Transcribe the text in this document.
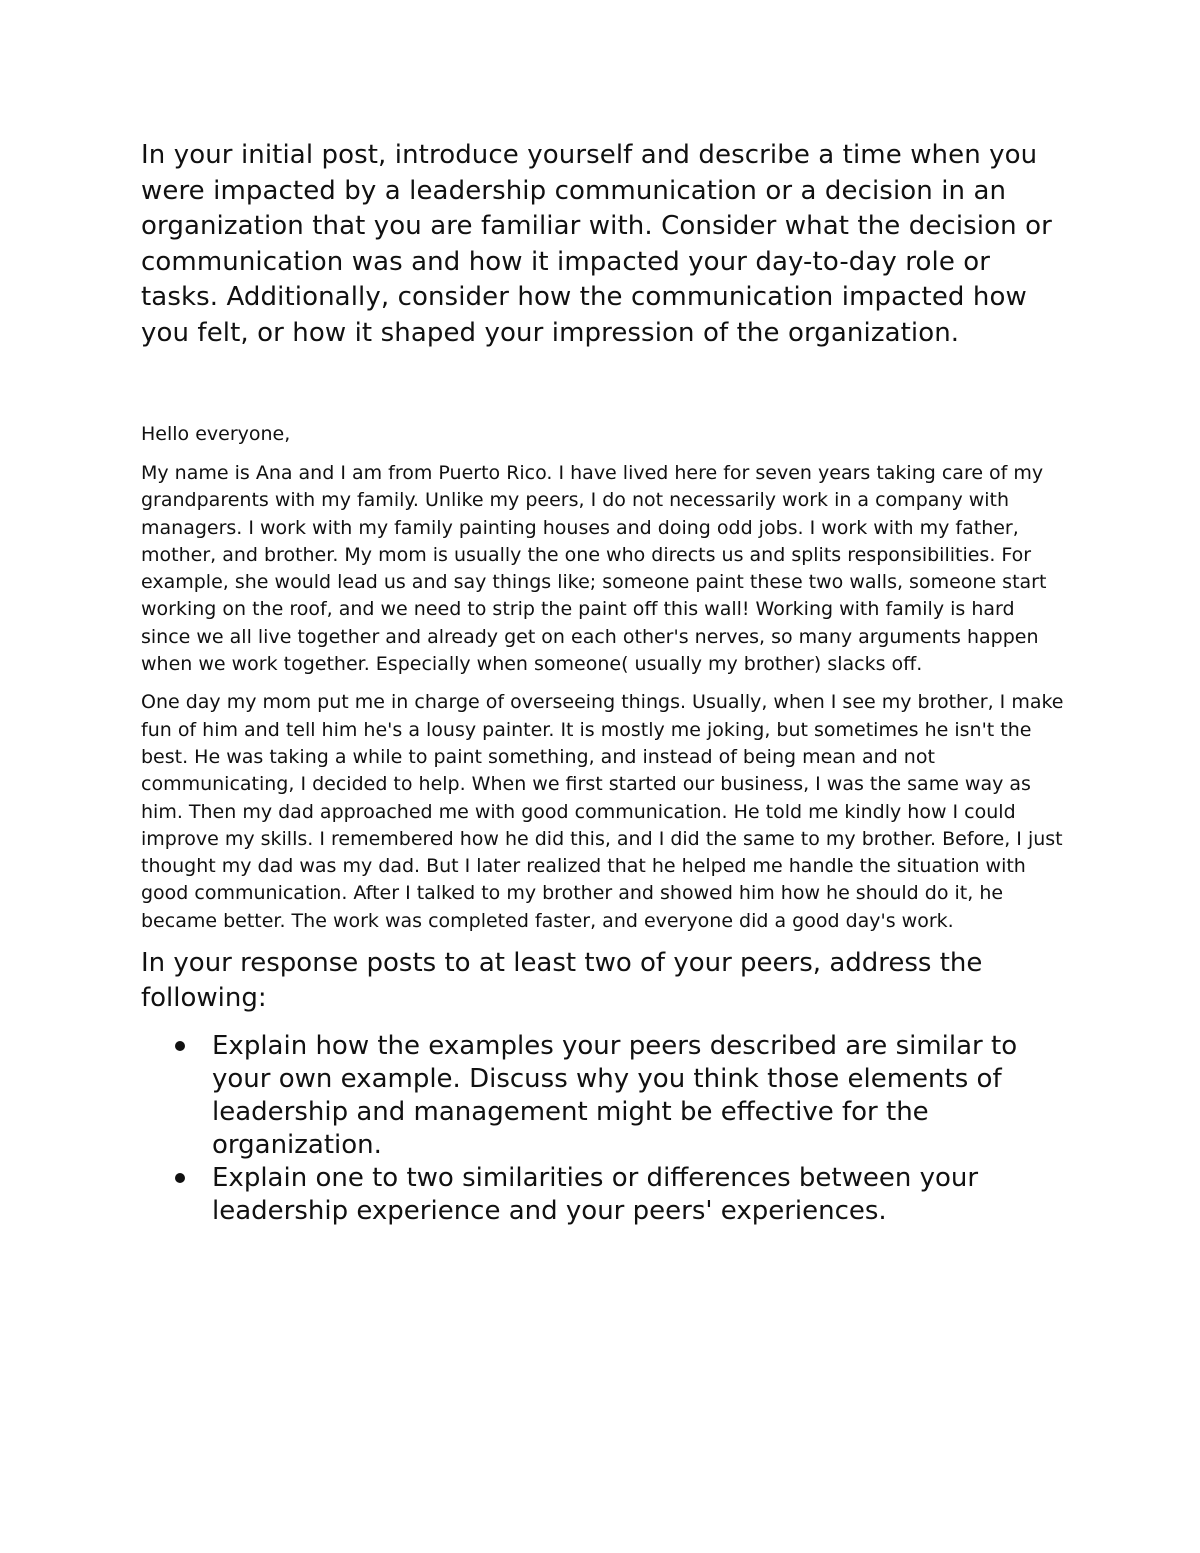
In your initial post, introduce yourself and describe a time when you were impacted by a leadership communication or a decision in an organization that you are familiar with. Consider what the decision or communication was and how it impacted your day-to-day role or tasks. Additionally, consider how the communication impacted how you felt, or how it shaped your impression of the organization.

Hello everyone,

My name is Ana and I am from Puerto Rico. I have lived here for seven years taking care of my grandparents with my family. Unlike my peers, I do not necessarily work in a company with managers. I work with my family painting houses and doing odd jobs. I work with my father, mother, and brother. My mom is usually the one who directs us and splits responsibilities. For example, she would lead us and say things like; someone paint these two walls, someone start working on the roof, and we need to strip the paint off this wall! Working with family is hard since we all live together and already get on each other's nerves, so many arguments happen when we work together. Especially when someone( usually my brother) slacks off.

One day my mom put me in charge of overseeing things. Usually, when I see my brother, I make fun of him and tell him he's a lousy painter. It is mostly me joking, but sometimes he isn't the best. He was taking a while to paint something, and instead of being mean and not communicating, I decided to help. When we first started our business, I was the same way as him. Then my dad approached me with good communication. He told me kindly how I could improve my skills. I remembered how he did this, and I did the same to my brother. Before, I just thought my dad was my dad. But I later realized that he helped me handle the situation with good communication. After I talked to my brother and showed him how he should do it, he became better. The work was completed faster, and everyone did a good day's work.

In your response posts to at least two of your peers, address the following:

Explain how the examples your peers described are similar to your own example. Discuss why you think those elements of leadership and management might be effective for the organization.
Explain one to two similarities or differences between your leadership experience and your peers' experiences.
